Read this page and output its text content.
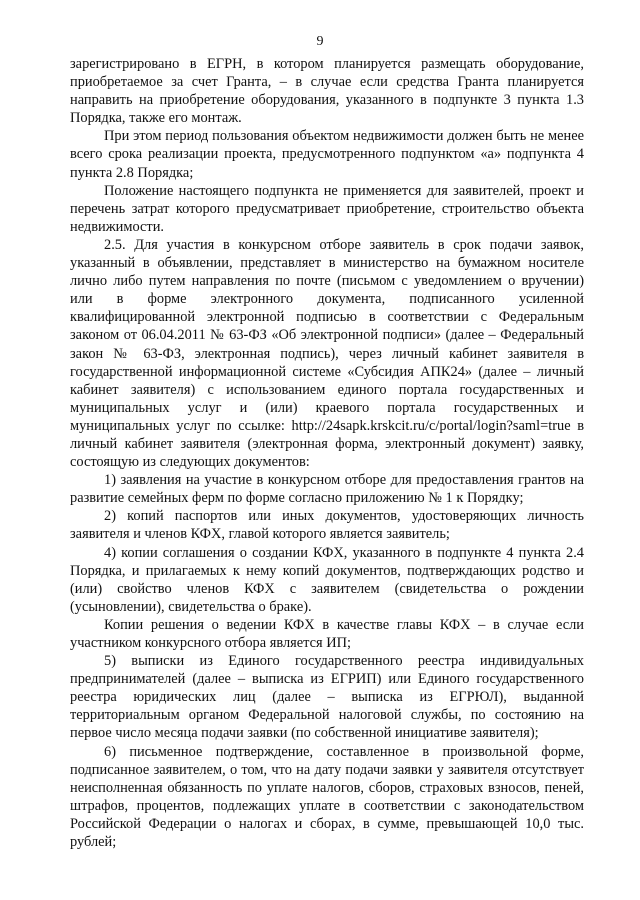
9

зарегистрировано в ЕГРН, в котором планируется размещать оборудование, приобретаемое за счет Гранта, – в случае если средства Гранта планируется направить на приобретение оборудования, указанного в подпункте 3 пункта 1.3 Порядка, также его монтаж.

При этом период пользования объектом недвижимости должен быть не менее всего срока реализации проекта, предусмотренного подпунктом «а» подпункта 4 пункта 2.8 Порядка;

Положение настоящего подпункта не применяется для заявителей, проект и перечень затрат которого предусматривает приобретение, строительство объекта недвижимости.

2.5. Для участия в конкурсном отборе заявитель в срок подачи заявок, указанный в объявлении, представляет в министерство на бумажном носителе лично либо путем направления по почте (письмом с уведомлением о вручении) или в форме электронного документа, подписанного усиленной квалифицированной электронной подписью в соответствии с Федеральным законом от 06.04.2011 № 63-ФЗ «Об электронной подписи» (далее – Федеральный закон № 63-ФЗ, электронная подпись), через личный кабинет заявителя в государственной информационной системе «Субсидия АПК24» (далее – личный кабинет заявителя) с использованием единого портала государственных и муниципальных услуг и (или) краевого портала государственных и муниципальных услуг по ссылке: http://24sapk.krskcit.ru/c/portal/login?saml=true в личный кабинет заявителя (электронная форма, электронный документ) заявку, состоящую из следующих документов:

1) заявления на участие в конкурсном отборе для предоставления грантов на развитие семейных ферм по форме согласно приложению № 1 к Порядку;

2) копий паспортов или иных документов, удостоверяющих личность заявителя и членов КФХ, главой которого является заявитель;

4) копии соглашения о создании КФХ, указанного в подпункте 4 пункта 2.4 Порядка, и прилагаемых к нему копий документов, подтверждающих родство и (или) свойство членов КФХ с заявителем (свидетельства о рождении (усыновлении), свидетельства о браке).

Копии решения о ведении КФХ в качестве главы КФХ – в случае если участником конкурсного отбора является ИП;

5) выписки из Единого государственного реестра индивидуальных предпринимателей (далее – выписка из ЕГРИП) или Единого государственного реестра юридических лиц (далее – выписка из ЕГРЮЛ), выданной территориальным органом Федеральной налоговой службы, по состоянию на первое число месяца подачи заявки (по собственной инициативе заявителя);

6) письменное подтверждение, составленное в произвольной форме, подписанное заявителем, о том, что на дату подачи заявки у заявителя отсутствует неисполненная обязанность по уплате налогов, сборов, страховых взносов, пеней, штрафов, процентов, подлежащих уплате в соответствии с законодательством Российской Федерации о налогах и сборах, в сумме, превышающей 10,0 тыс. рублей;
